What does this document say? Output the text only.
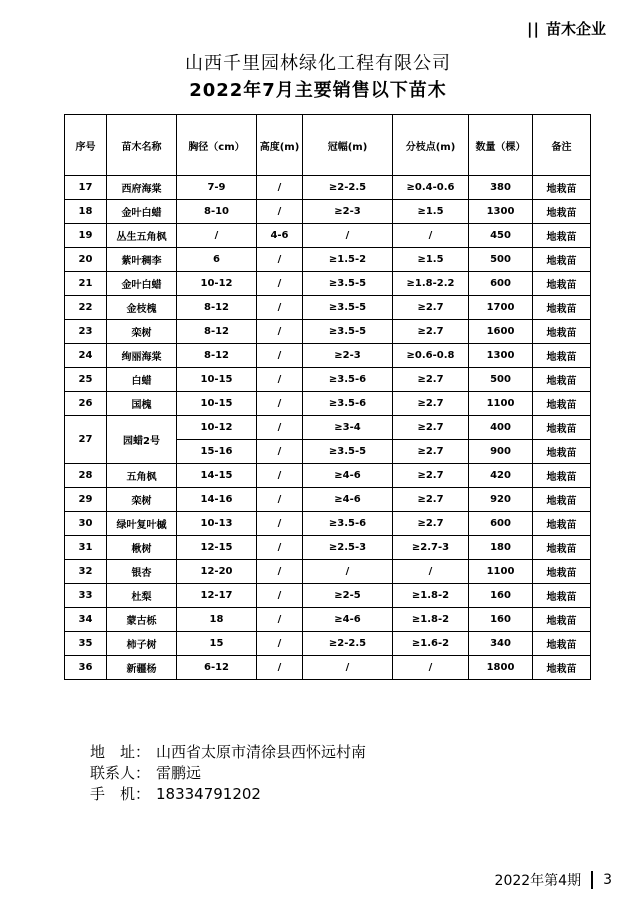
|| 苗木企业
山西千里园林绿化工程有限公司
2022年7月主要销售以下苗木
序号	苗木名称	胸径（cm）	高度(m)	冠幅(m)	分枝点(m)	数量（棵）	备注
17	西府海棠	7-9	/	≥2-2.5	≥0.4-0.6	380	地栽苗
18	金叶白蜡	8-10	/	≥2-3	≥1.5	1300	地栽苗
19	丛生五角枫	/	4-6	/	/	450	地栽苗
20	紫叶稠李	6	/	≥1.5-2	≥1.5	500	地栽苗
21	金叶白蜡	10-12	/	≥3.5-5	≥1.8-2.2	600	地栽苗
22	金枝槐	8-12	/	≥3.5-5	≥2.7	1700	地栽苗
23	栾树	8-12	/	≥3.5-5	≥2.7	1600	地栽苗
24	绚丽海棠	8-12	/	≥2-3	≥0.6-0.8	1300	地栽苗
25	白蜡	10-15	/	≥3.5-6	≥2.7	500	地栽苗
26	国槐	10-15	/	≥3.5-6	≥2.7	1100	地栽苗
27	园蜡2号	10-12	/	≥3-4	≥2.7	400	地栽苗
		15-16	/	≥3.5-5	≥2.7	900	地栽苗
28	五角枫	14-15	/	≥4-6	≥2.7	420	地栽苗
29	栾树	14-16	/	≥4-6	≥2.7	920	地栽苗
30	绿叶复叶槭	10-13	/	≥3.5-6	≥2.7	600	地栽苗
31	楸树	12-15	/	≥2.5-3	≥2.7-3	180	地栽苗
32	银杏	12-20	/	/	/	1100	地栽苗
33	杜梨	12-17	/	≥2-5	≥1.8-2	160	地栽苗
34	蒙古栎	18	/	≥4-6	≥1.8-2	160	地栽苗
35	柿子树	15	/	≥2-2.5	≥1.6-2	340	地栽苗
36	新疆杨	6-12	/	/	/	1800	地栽苗
地　址： 山西省太原市清徐县西怀远村南
联系人： 雷鹏远
手　机： 18334791202
2022年第4期 3
